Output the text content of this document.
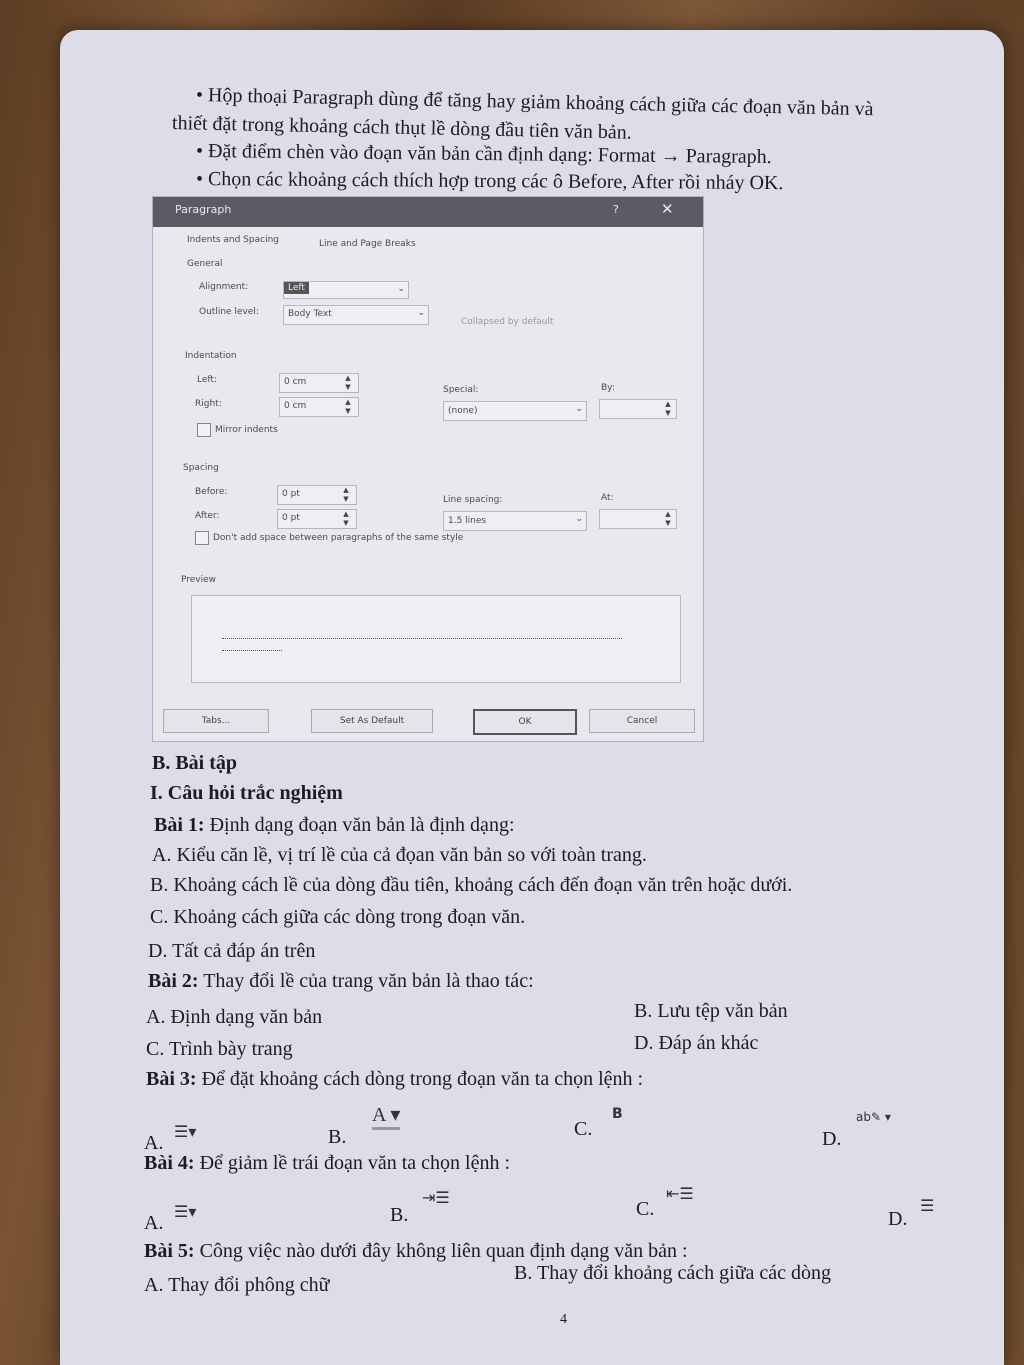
• Hộp thoại Paragraph dùng để tăng hay giảm khoảng cách giữa các đoạn văn bản và
thiết đặt trong khoảng cách thụt lề dòng đầu tiên văn bản.
• Đặt điểm chèn vào đoạn văn bản cần định dạng: Format → Paragraph.
• Chọn các khoảng cách thích hợp trong các ô Before, After rồi nháy OK.
Paragraph	?	✕
Indents and Spacing	Line and Page Breaks
General
Alignment:	Left	⌄
Outline level:	Body Text	⌄
Collapsed by default
Indentation
Left:	0 cm	▲
▼
Right:	0 cm	▲
▼
Special:
(none)	⌄
By:
▲
▼
Mirror indents
Spacing
Before:	0 pt	▲
▼
After:	0 pt	▲
▼
Line spacing:
1.5 lines	⌄
At:
▲
▼
Don't add space between paragraphs of the same style
Preview
Tabs...	Set As Default	OK	Cancel
B. Bài tập
I. Câu hỏi trắc nghiệm
Bài 1: Định dạng đoạn văn bản là định dạng:
A. Kiểu căn lề, vị trí lề của cả đọan văn bản so với toàn trang.
B. Khoảng cách lề của dòng đầu tiên, khoảng cách đến đoạn văn trên hoặc dưới.
C. Khoảng cách giữa các dòng trong đoạn văn.
D. Tất cả đáp án trên
Bài 2: Thay đổi lề của trang văn bản là thao tác:
A. Định dạng văn bản	B. Lưu tệp văn bản
C. Trình bày trang	D. Đáp án khác
Bài 3: Để đặt khoảng cách dòng trong đoạn văn ta chọn lệnh :
A.
☰▾	B.
A ▾
C.
B
D.
ab✎ ▾
Bài 4: Để giảm lề trái đoạn văn ta chọn lệnh :
A.
☰▾	B.
⇥☰
C.
⇤☰
D.
☰
Bài 5: Công việc nào dưới đây không liên quan định dạng văn bản :
A. Thay đổi phông chữ
B. Thay đổi khoảng cách giữa các dòng
4
